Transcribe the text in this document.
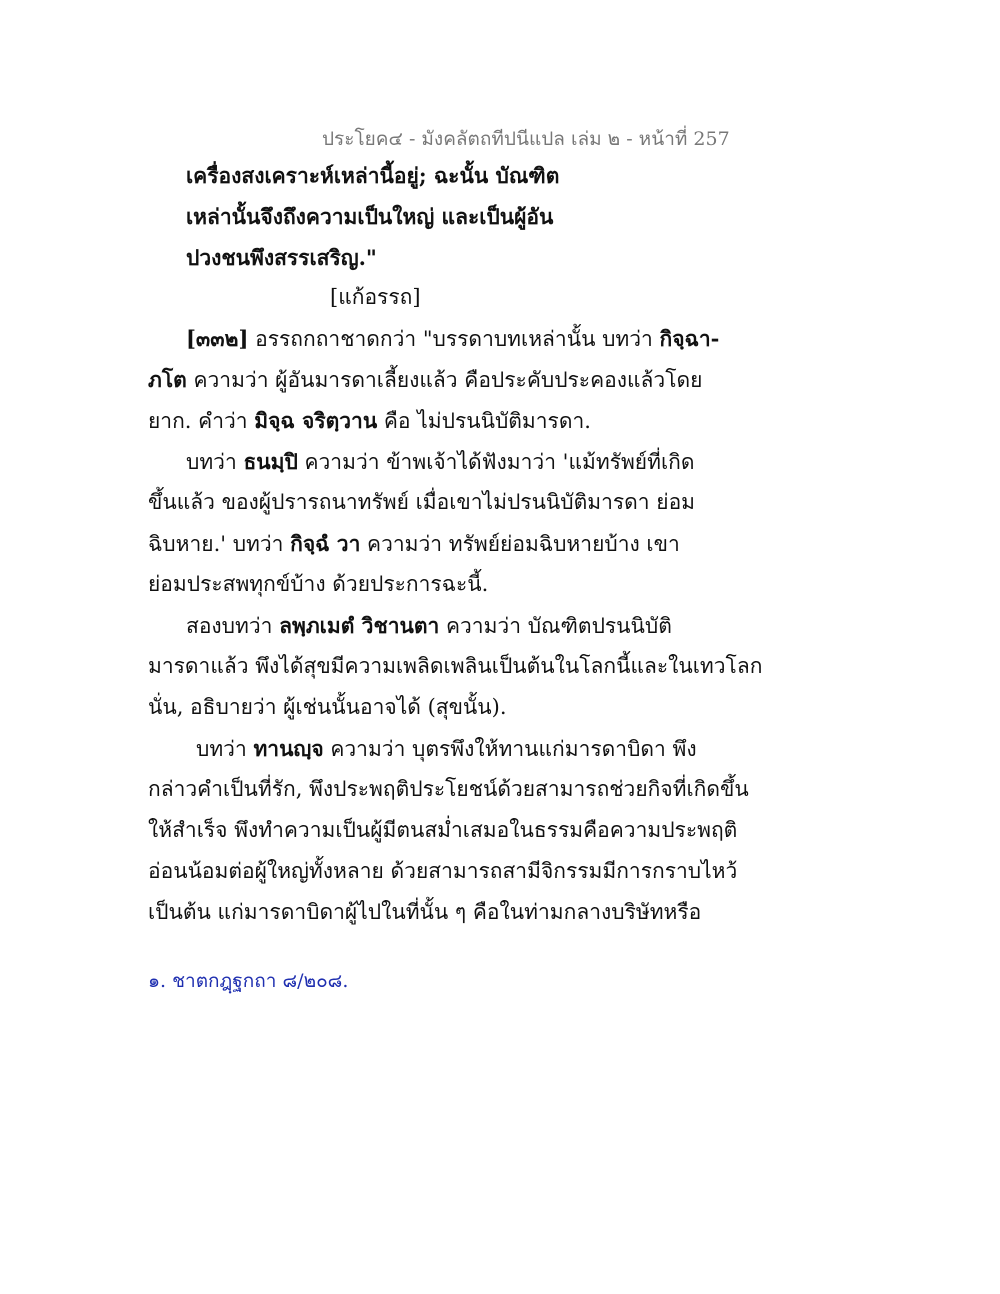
ประโยค๔ - มังคลัตถทีปนีแปล เล่ม ๒ - หน้าที่ 257
เครื่องสงเคราะห์เหล่านี้อยู่; ฉะนั้น บัณฑิต
เหล่านั้นจึงถึงความเป็นใหญ่ และเป็นผู้อัน
ปวงชนพึงสรรเสริญ."
[แก้อรรถ]
[๓๓๒] อรรถกถาชาดกว่า "บรรดาบทเหล่านั้น บทว่า กิจฺฉา-
ภโต ความว่า ผู้อันมารดาเลี้ยงแล้ว คือประคับประคองแล้วโดย
ยาก. คำว่า มิจฺฉ จริตฺวาน คือ ไม่ปรนนิบัติมารดา.
บทว่า ธนมฺปิ ความว่า ข้าพเจ้าได้ฟังมาว่า 'แม้ทรัพย์ที่เกิด
ขึ้นแล้ว ของผู้ปรารถนาทรัพย์ เมื่อเขาไม่ปรนนิบัติมารดา ย่อม
ฉิบหาย.' บทว่า กิจฺฉํ วา ความว่า ทรัพย์ย่อมฉิบหายบ้าง เขา
ย่อมประสพทุกข์บ้าง ด้วยประการฉะนี้.
สองบทว่า ลพฺภเมตํ วิชานตา ความว่า บัณฑิตปรนนิบัติ
มารดาแล้ว พึงได้สุขมีความเพลิดเพลินเป็นต้นในโลกนี้และในเทวโลก
นั่น, อธิบายว่า ผู้เช่นนั้นอาจได้ (สุขนั้น).
บทว่า ทานญฺจ ความว่า บุตรพึงให้ทานแก่มารดาบิดา พึง
กล่าวคำเป็นที่รัก, พึงประพฤติประโยชน์ด้วยสามารถช่วยกิจที่เกิดขึ้น
ให้สำเร็จ พึงทำความเป็นผู้มีตนสม่ำเสมอในธรรมคือความประพฤติ
อ่อนน้อมต่อผู้ใหญ่ทั้งหลาย ด้วยสามารถสามีจิกรรมมีการกราบไหว้
เป็นต้น แก่มารดาบิดาผู้ไปในที่นั้น ๆ คือในท่ามกลางบริษัทหรือ
๑. ชาตกฎฺฐกถา ๘/๒๐๘.
